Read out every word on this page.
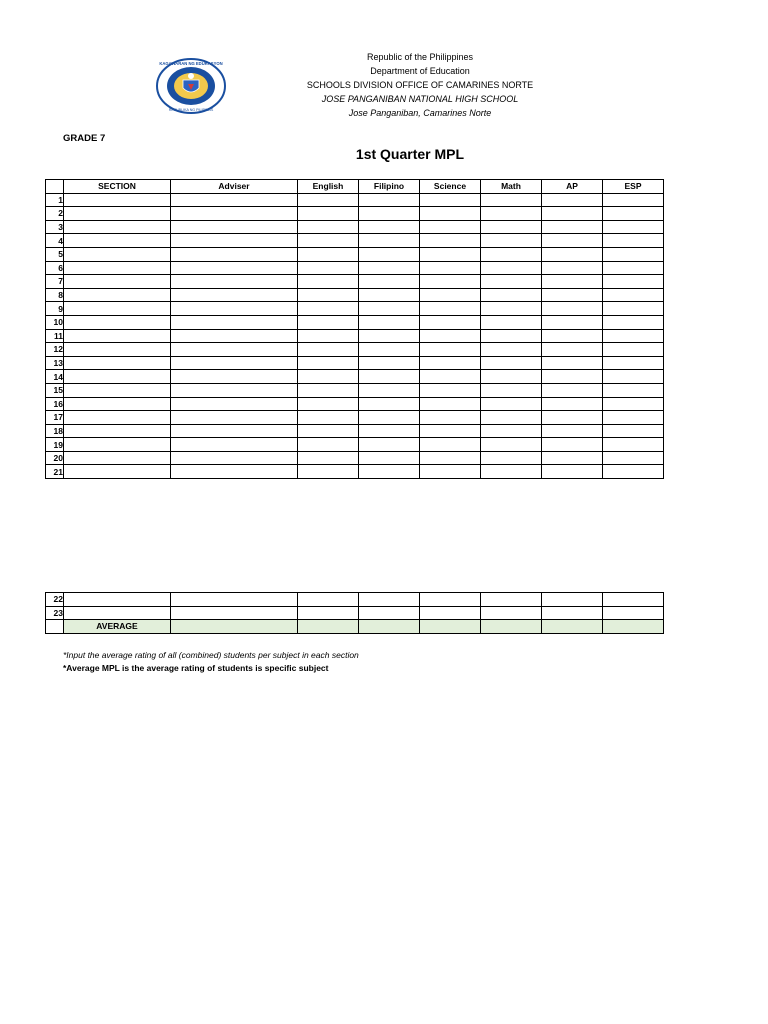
KAGAWARAN NG EDUKASYON
REPUBLIKA NG PILIPINAS
Republic of the Philippines
Department of Education
SCHOOLS DIVISION OFFICE OF CAMARINES NORTE
JOSE PANGANIBAN NATIONAL HIGH SCHOOL
Jose Panganiban, Camarines Norte
GRADE 7
1st Quarter MPL
	SECTION	Adviser	English	Filipino	Science	Math	AP	ESP
1								
2								
3								
4								
5								
6								
7								
8								
9								
10								
11								
12								
13								
14								
15								
16								
17								
18								
19								
20								
21								
22								
23								
	AVERAGE							
*Input the average rating of all (combined) students per subject in each section
*Average MPL is the average rating of students is specific subject
